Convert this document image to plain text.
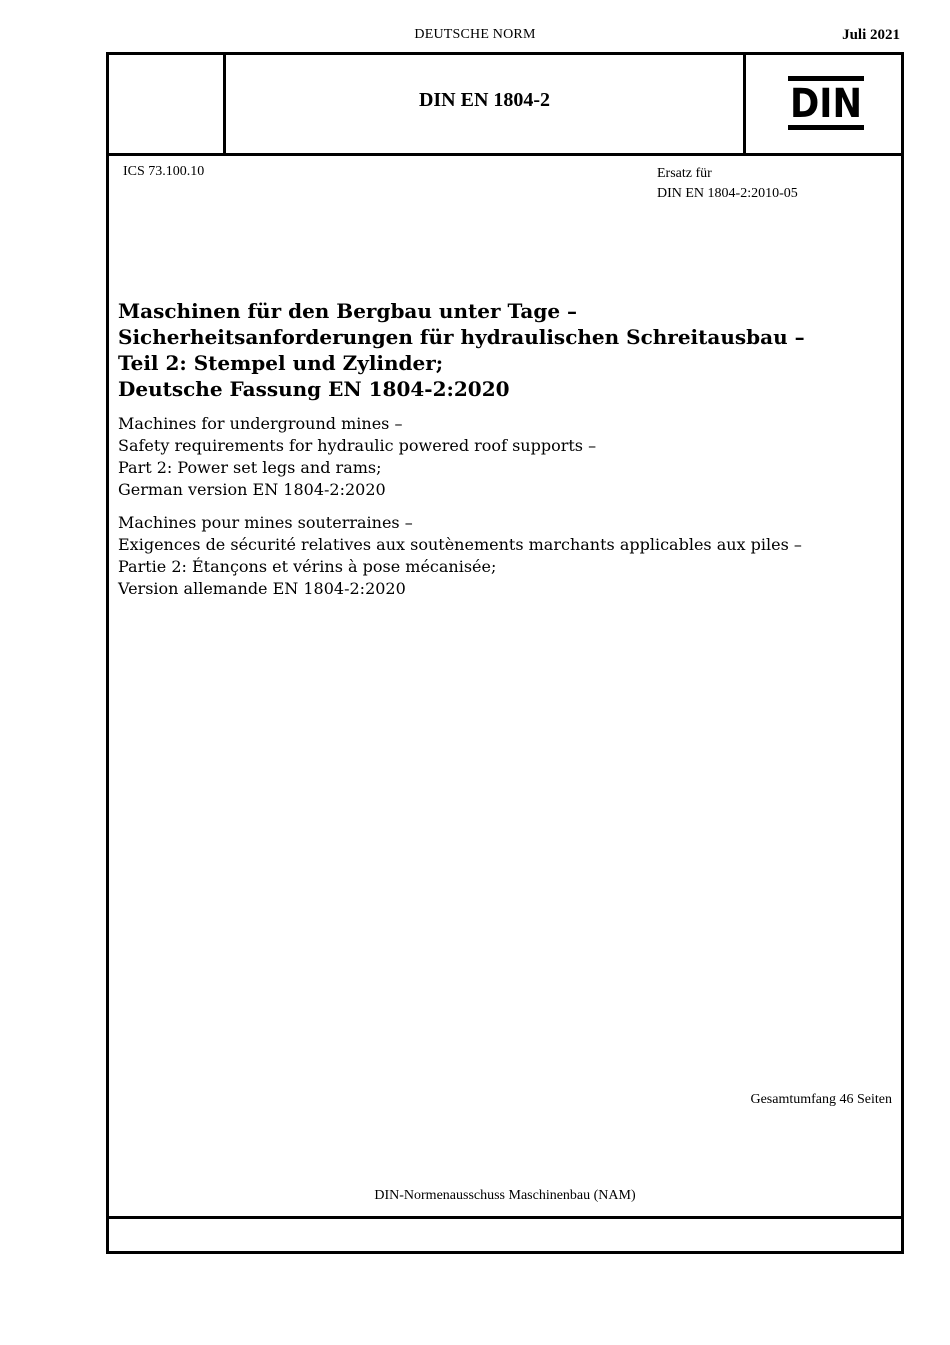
DEUTSCHE NORM	Juli 2021
DIN EN 1804-2	DIN
ICS 73.100.10	Ersatz für
DIN EN 1804-2:2010-05
Maschinen für den Bergbau unter Tage –
Sicherheitsanforderungen für hydraulischen Schreitausbau –
Teil 2: Stempel und Zylinder;
Deutsche Fassung EN 1804-2:2020
Machines for underground mines –
Safety requirements for hydraulic powered roof supports –
Part 2: Power set legs and rams;
German version EN 1804-2:2020
Machines pour mines souterraines –
Exigences de sécurité relatives aux soutènements marchants applicables aux piles –
Partie 2: Étançons et vérins à pose mécanisée;
Version allemande EN 1804-2:2020
Gesamtumfang 46 Seiten
DIN-Normenausschuss Maschinenbau (NAM)
